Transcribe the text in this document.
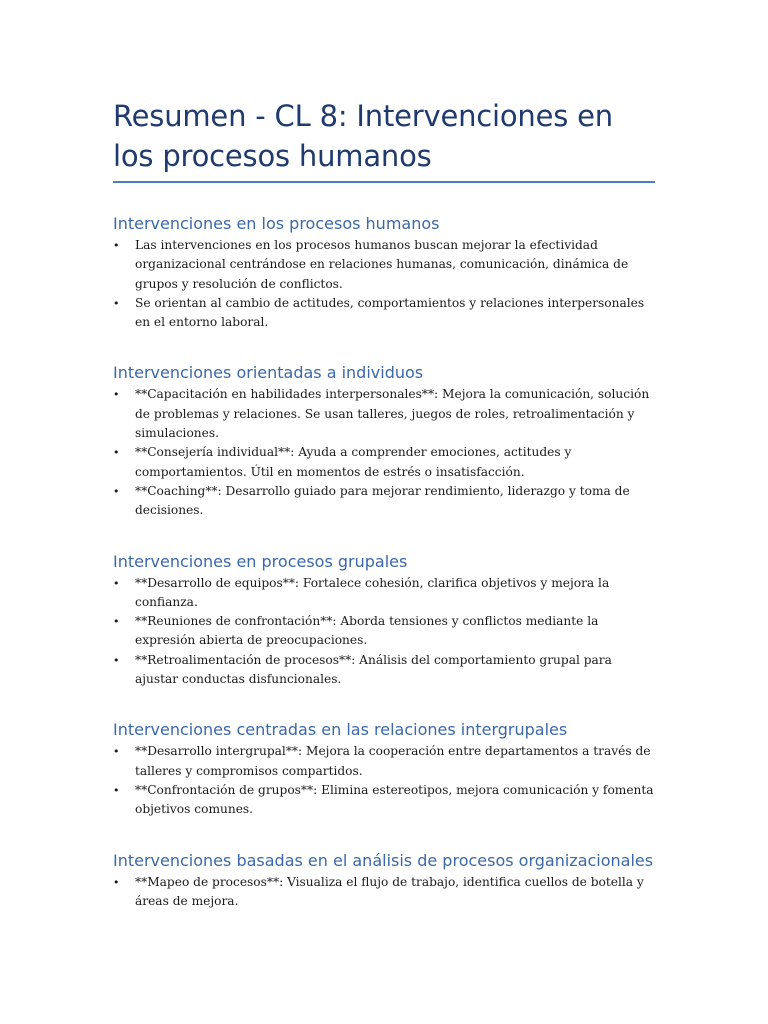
Resumen - CL 8: Intervenciones en los procesos humanos
Intervenciones en los procesos humanos
• Las intervenciones en los procesos humanos buscan mejorar la efectividad organizacional centrándose en relaciones humanas, comunicación, dinámica de grupos y resolución de conflictos.
• Se orientan al cambio de actitudes, comportamientos y relaciones interpersonales en el entorno laboral.
Intervenciones orientadas a individuos
• **Capacitación en habilidades interpersonales**: Mejora la comunicación, solución de problemas y relaciones. Se usan talleres, juegos de roles, retroalimentación y simulaciones.
• **Consejería individual**: Ayuda a comprender emociones, actitudes y comportamientos. Útil en momentos de estrés o insatisfacción.
• **Coaching**: Desarrollo guiado para mejorar rendimiento, liderazgo y toma de decisiones.
Intervenciones en procesos grupales
• **Desarrollo de equipos**: Fortalece cohesión, clarifica objetivos y mejora la confianza.
• **Reuniones de confrontación**: Aborda tensiones y conflictos mediante la expresión abierta de preocupaciones.
• **Retroalimentación de procesos**: Análisis del comportamiento grupal para ajustar conductas disfuncionales.
Intervenciones centradas en las relaciones intergrupales
• **Desarrollo intergrupal**: Mejora la cooperación entre departamentos a través de talleres y compromisos compartidos.
• **Confrontación de grupos**: Elimina estereotipos, mejora comunicación y fomenta objetivos comunes.
Intervenciones basadas en el análisis de procesos organizacionales
• **Mapeo de procesos**: Visualiza el flujo de trabajo, identifica cuellos de botella y áreas de mejora.
